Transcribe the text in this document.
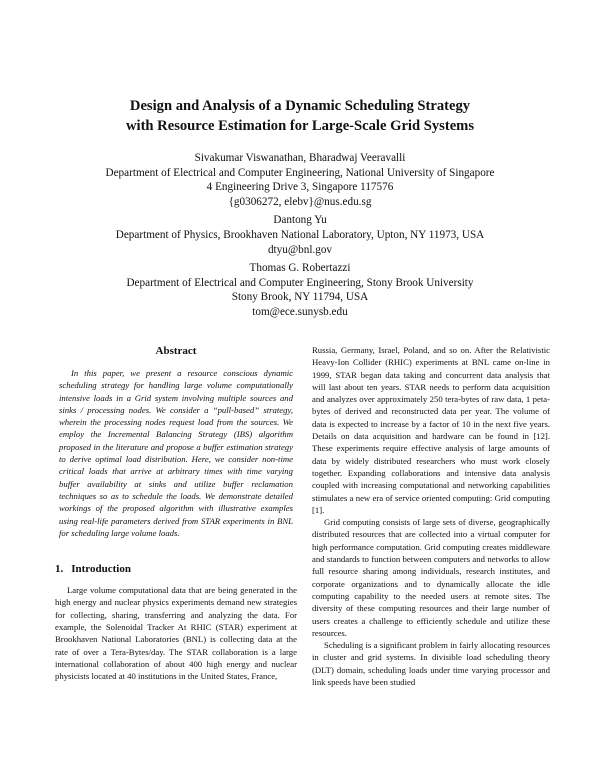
Design and Analysis of a Dynamic Scheduling Strategy
with Resource Estimation for Large-Scale Grid Systems
Sivakumar Viswanathan, Bharadwaj Veeravalli
Department of Electrical and Computer Engineering, National University of Singapore
4 Engineering Drive 3, Singapore 117576
{g0306272, elebv}@nus.edu.sg
Dantong Yu
Department of Physics, Brookhaven National Laboratory, Upton, NY 11973, USA
dtyu@bnl.gov
Thomas G. Robertazzi
Department of Electrical and Computer Engineering, Stony Brook University
Stony Brook, NY 11794, USA
tom@ece.sunysb.edu
Abstract

In this paper, we present a resource conscious dynamic scheduling strategy for handling large volume computationally intensive loads in a Grid system involving multiple sources and sinks / processing nodes. We consider a “pull-based” strategy, wherein the processing nodes request load from the sources. We employ the Incremental Balancing Strategy (IBS) algorithm proposed in the literature and propose a buffer estimation strategy to derive optimal load distribution. Here, we consider non-time critical loads that arrive at arbitrary times with time varying buffer availability at sinks and utilize buffer reclamation techniques so as to schedule the loads. We demonstrate detailed workings of the proposed algorithm with illustrative examples using real-life parameters derived from STAR experiments in BNL for scheduling large volume loads.

1. Introduction

Large volume computational data that are being generated in the high energy and nuclear physics experiments demand new strategies for collecting, sharing, transferring and analyzing the data. For example, the Solenoidal Tracker At RHIC (STAR) experiment at Brookhaven National Laboratories (BNL) is collecting data at the rate of over a Tera-Bytes/day. The STAR collaboration is a large international collaboration of about 400 high energy and nuclear physicists located at 40 institutions in the United States, France,

Russia, Germany, Israel, Poland, and so on. After the Relativistic Heavy-Ion Collider (RHIC) experiments at BNL came on-line in 1999, STAR began data taking and concurrent data analysis that will last about ten years. STAR needs to perform data acquisition and analyzes over approximately 250 tera-bytes of raw data, 1 peta-bytes of derived and reconstructed data per year. The volume of data is expected to increase by a factor of 10 in the next five years. Details on data acquisition and hardware can be found in [12]. These experiments require effective analysis of large amounts of data by widely distributed researchers who must work closely together. Expanding collaborations and intensive data analysis coupled with increasing computational and networking capabilities stimulates a new era of service oriented computing: Grid computing [1].

Grid computing consists of large sets of diverse, geographically distributed resources that are collected into a virtual computer for high performance computation. Grid computing creates middleware and standards to function between computers and networks to allow full resource sharing among individuals, research institutes, and corporate organizations and to dynamically allocate the idle computing capability to the needed users at remote sites. The diversity of these computing resources and their large number of users creates a challenge to efficiently schedule and utilize these resources.

Scheduling is a significant problem in fairly allocating resources in cluster and grid systems. In divisible load scheduling theory (DLT) domain, scheduling loads under time varying processor and link speeds have been studied
